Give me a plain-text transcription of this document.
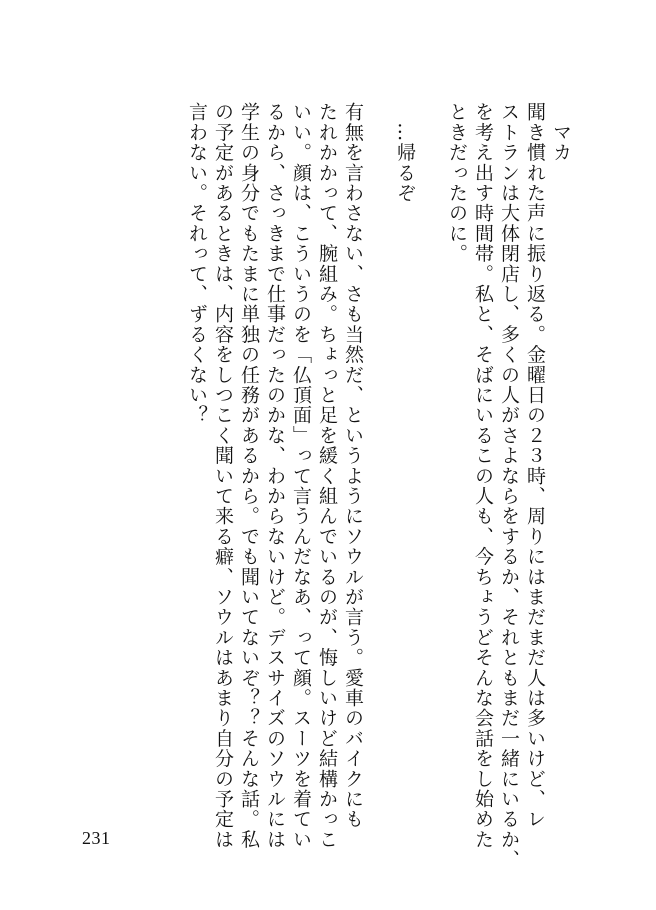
　マカ
聞き慣れた声に振り返る。金曜日の２３時、周りにはまだまだ人は多いけど、レ
ストランは大体閉店し、多くの人がさよならをするか、それともまだ一緒にいるか、
を考え出す時間帯。私と、そばにいるこの人も、今ちょうどそんな会話をし始めた
ときだったのに。
　…帰るぞ
有無を言わさない、さも当然だ、というようにソウルが言う。愛車のバイクにも
たれかかって、腕組み。ちょっと足を緩く組んでいるのが、悔しいけど結構かっこ
いい。顔は、こういうのを「仏頂面」って言うんだなあ、って顔。スーツを着てい
るから、さっきまで仕事だったのかな、わからないけど。デスサイズのソウルには
学生の身分でもたまに単独の任務があるから。でも聞いてないぞ？？そんな話。私
の予定があるときは、内容をしつこく聞いて来る癖、ソウルはあまり自分の予定は
言わない。それって、ずるくない？
231
